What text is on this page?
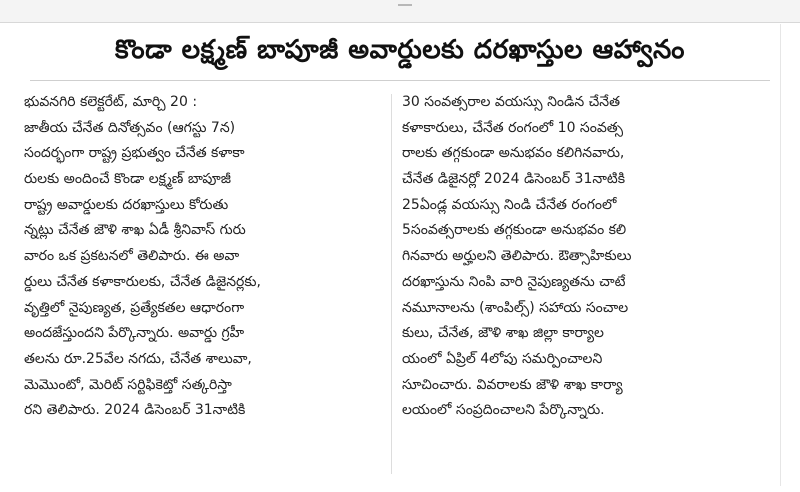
కొండా లక్ష్మణ్ బాపూజీ అవార్డులకు దరఖాస్తుల ఆహ్వానం
భువనగిరి కలెక్టరేట్, మార్చి 20 :
జాతీయ చేనేత దినోత్సవం (ఆగస్టు 7న)
సందర్భంగా రాష్ట్ర ప్రభుత్వం చేనేత కళాకా
రులకు అందించే కొండా లక్ష్మణ్ బాపూజీ
రాష్ట్ర అవార్డులకు దరఖాస్తులు కోరుతు
న్నట్లు చేనేత జౌళి శాఖ ఏడీ శ్రీనివాస్ గురు
వారం ఒక ప్రకటనలో తెలిపారు. ఈ అవా
ర్డులు చేనేత కళాకారులకు, చేనేత డిజైనర్లకు,
వృత్తిలో నైపుణ్యత, ప్రత్యేకతల ఆధారంగా
అందజేస్తుందని పేర్కొన్నారు. అవార్డు గ్రహీ
తలను రూ.25వేల నగదు, చేనేత శాలువా,
మెమొంటో, మెరిట్ సర్టిఫికెట్తో సత్కరిస్తా
రని తెలిపారు. 2024 డిసెంబర్ 31నాటికి
30 సంవత్సరాల వయస్సు నిండిన చేనేత
కళాకారులు, చేనేత రంగంలో 10 సంవత్స
రాలకు తగ్గకుండా అనుభవం కలిగినవారు,
చేనేత డిజైనర్లో 2024 డిసెంబర్ 31నాటికి
25ఏండ్ల వయస్సు నిండి చేనేత రంగంలో
5సంవత్సరాలకు తగ్గకుండా అనుభవం కలి
గినవారు అర్హులని తెలిపారు. ఔత్సాహికులు
దరఖాస్తును నింపి వారి నైపుణ్యతను చాటే
నమూనాలను (శాంపిల్స్) సహాయ సంచాల
కులు, చేనేత, జౌళి శాఖ జిల్లా కార్యాల
యంలో ఏప్రిల్ 4లోపు సమర్పించాలని
సూచించారు. వివరాలకు జౌళి శాఖ కార్యా
లయంలో సంప్రదించాలని పేర్కొన్నారు.
